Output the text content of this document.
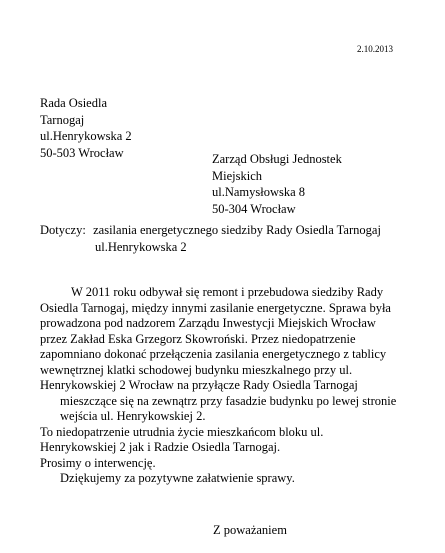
2.10.2013
Rada Osiedla
Tarnogaj
ul.Henrykowska 2
50-503 Wrocław	Zarząd Obsługi Jednostek
Miejskich
ul.Namysłowska 8
50-304 Wrocław
Dotyczy: zasilania energetycznego siedziby Rady Osiedla Tarnogaj
ul.Henrykowska 2
W 2011 roku odbywał się remont i przebudowa siedziby Rady
Osiedla Tarnogaj, między innymi zasilanie energetyczne. Sprawa była
prowadzona pod nadzorem Zarządu Inwestycji Miejskich Wrocław
przez Zakład Eska Grzegorz Skowroński. Przez niedopatrzenie
zapomniano dokonać przełączenia zasilania energetycznego z tablicy
wewnętrznej klatki schodowej budynku mieszkalnego przy ul.
Henrykowskiej 2 Wrocław na przyłącze Rady Osiedla Tarnogaj
mieszczące się na zewnątrz przy fasadzie budynku po lewej stronie
wejścia ul. Henrykowskiej 2.
To niedopatrzenie utrudnia życie mieszkańcom bloku ul.
Henrykowskiej 2 jak i Radzie Osiedla Tarnogaj.
Prosimy o interwencję.
Dziękujemy za pozytywne załatwienie sprawy.
Z poważaniem
